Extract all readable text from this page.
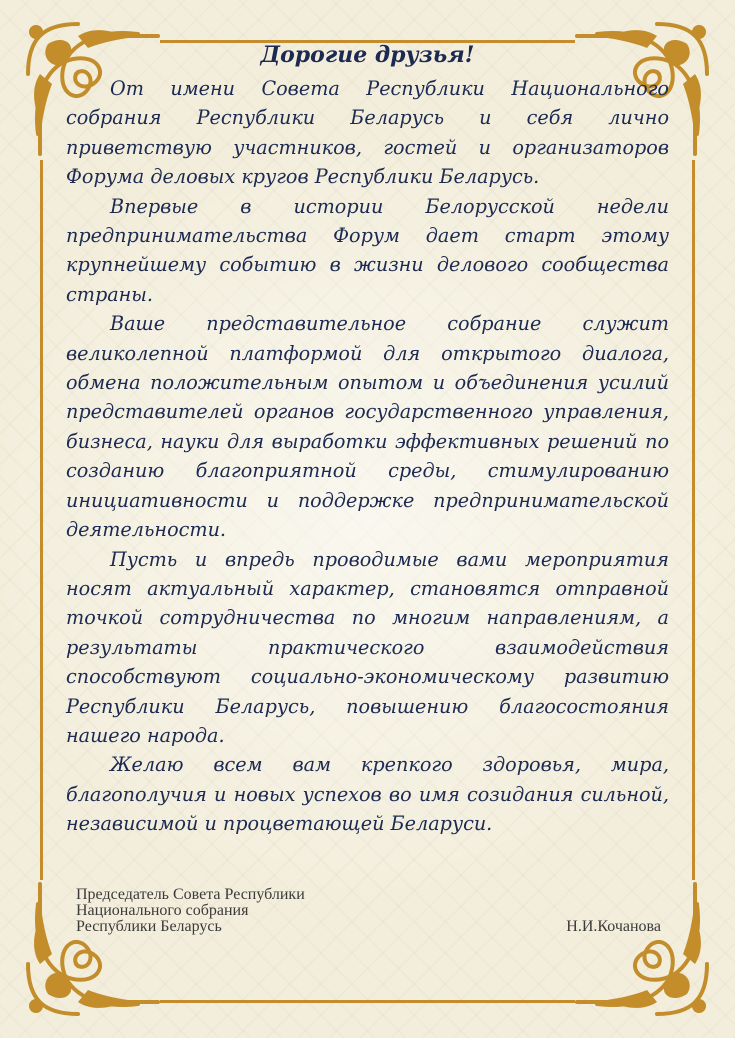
Дорогие друзья!

От имени Совета Республики Национального собрания Республики Беларусь и себя лично приветствую участников, гостей и организаторов Форума деловых кругов Республики Беларусь.

Впервые в истории Белорусской недели предпринимательства Форум дает старт этому крупнейшему событию в жизни делового сообщества страны.

Ваше представительное собрание служит великолепной платформой для открытого диалога, обмена положительным опытом и объединения усилий представителей органов государственного управления, бизнеса, науки для выработки эффективных решений по созданию благоприятной среды, стимулированию инициативности и поддержке предпринимательской деятельности.

Пусть и впредь проводимые вами мероприятия носят актуальный характер, становятся отправной точкой сотрудничества по многим направлениям, а результаты практического взаимодействия способствуют социально-экономическому развитию Республики Беларусь, повышению благосостояния нашего народа.

Желаю всем вам крепкого здоровья, мира, благополучия и новых успехов во имя созидания сильной, независимой и процветающей Беларуси.

Председатель Совета Республики
Национального собрания
Республики Беларусь	Н.И.Кочанова
